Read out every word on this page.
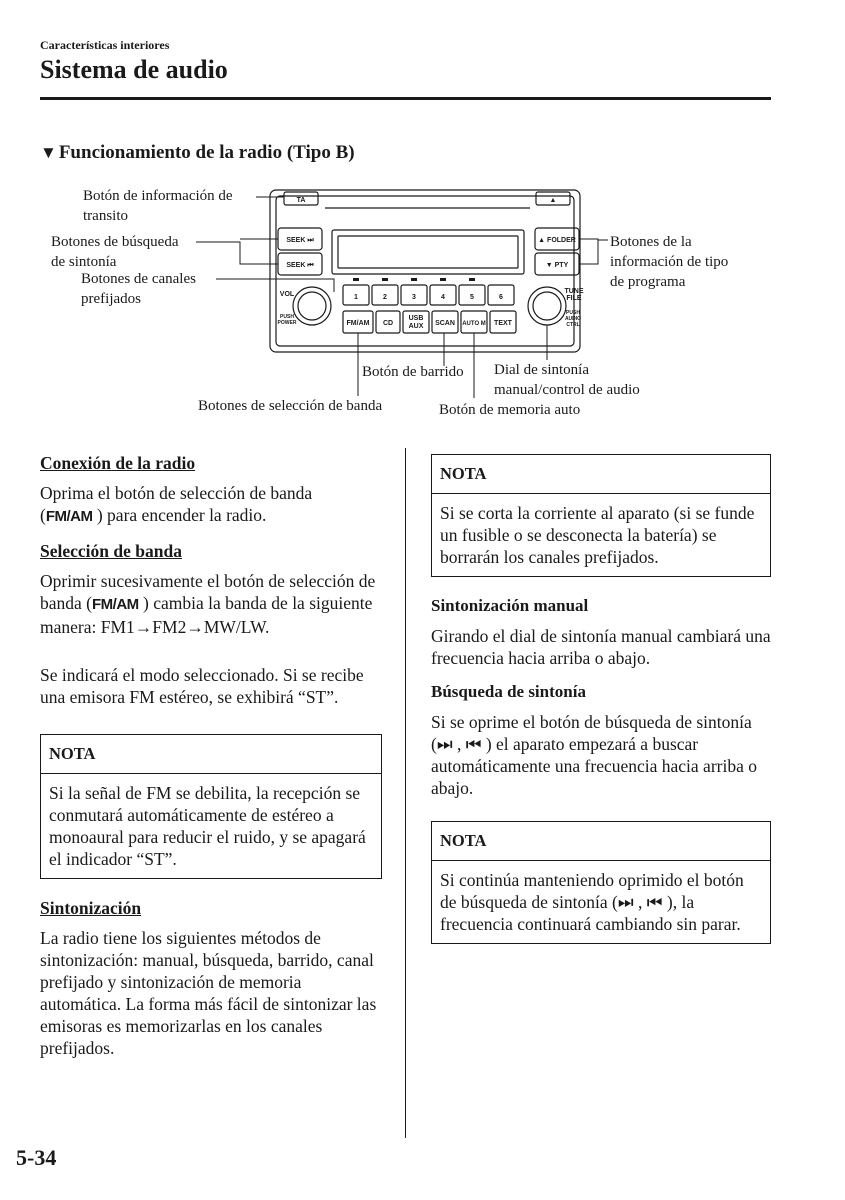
Características interiores
Sistema de audio
▼ Funcionamiento de la radio (Tipo B)
TA	▲
SEEK ⏭
SEEK ⏮
▲ FOLDER
▼ PTY
VOL
PUSH
POWER
TUNE
FILE
PUSH
AUDIO
CTRL
1	2	3	4	5	6
FM/AM CD
USB
AUX SCAN AUTO M TEXT
Botón de información de
transito
Botones de búsqueda
de sintonía
Botones de canales
prefijados
Botones de la
información de tipo
de programa
Botón de barrido Dial de sintonía
manual/control de audio
Botones de selección de banda	Botón de memoria auto
Conexión de la radio

Oprima el botón de selección de banda
(FM/AM ) para encender la radio.

Selección de banda

Oprimir sucesivamente el botón de selección de banda (FM/AM ) cambia la banda de la siguiente manera: FM1→FM2→MW/LW.

Se indicará el modo seleccionado. Si se recibe una emisora FM estéreo, se exhibirá “ST”.

NOTA
Si la señal de FM se debilita, la recepción se conmutará automáticamente de estéreo a monoaural para reducir el ruido, y se apagará el indicador “ST”.
Sintonización

La radio tiene los siguientes métodos de sintonización: manual, búsqueda, barrido, canal prefijado y sintonización de memoria automática. La forma más fácil de sintonizar las emisoras es memorizarlas en los canales prefijados.

NOTA
Si se corta la corriente al aparato (si se funde un fusible o se desconecta la batería) se borrarán los canales prefijados.
Sintonización manual

Girando el dial de sintonía manual cambiará una frecuencia hacia arriba o abajo.

Búsqueda de sintonía

Si se oprime el botón de búsqueda de sintonía (⏭ , ⏮ ) el aparato empezará a buscar automáticamente una frecuencia hacia arriba o abajo.

NOTA
Si continúa manteniendo oprimido el botón de búsqueda de sintonía (⏭ , ⏮ ), la frecuencia continuará cambiando sin parar.
5-34
